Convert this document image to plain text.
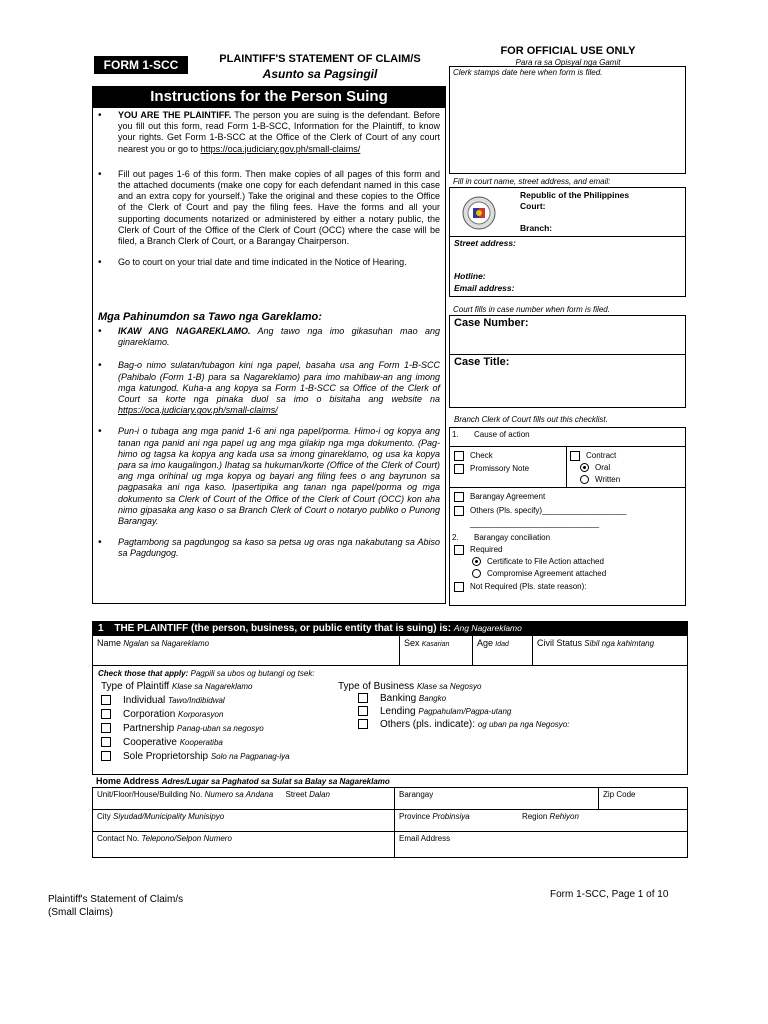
FORM 1-SCC	PLAINTIFF'S STATEMENT OF CLAIM/S
Asunto sa Pagsingil
FOR OFFICIAL USE ONLY
Para ra sa Opisyal nga Gamit
Instructions for the Person Suing
• YOU ARE THE PLAINTIFF. The person you are suing is the defendant. Before you fill out this form, read Form 1-B-SCC, Information for the Plaintiff, to know your rights. Get Form 1-B-SCC at the Office of the Clerk of Court of any court nearest you or go to https://oca.judiciary.gov.ph/small-claims/
• Fill out pages 1-6 of this form. Then make copies of all pages of this form and the attached documents (make one copy for each defendant named in this case and an extra copy for yourself.) Take the original and these copies to the Office of the Clerk of Court and pay the filing fees. Have the forms and all your supporting documents notarized or administered by either a notary public, the Clerk of Court of the Office of the Clerk of Court (OCC) where the case will be filed, a Branch Clerk of Court, or a Barangay Chairperson.
• Go to court on your trial date and time indicated in the Notice of Hearing.
Mga Pahinumdon sa Tawo nga Gareklamo:
• IKAW ANG NAGAREKLAMO. Ang tawo nga imo gikasuhan mao ang ginareklamo.
• Bag-o nimo sulatan/tubagon kini nga papel, basaha usa ang Form 1-B-SCC (Pahibalo (Form 1-B) para sa Nagareklamo) para imo mahibaw-an ang imong mga katungod. Kuha-a ang kopya sa Form 1-B-SCC sa Office of the Clerk of Court sa korte nga pinaka duol sa imo o bisitaha ang website na https://oca.judiciary.gov.ph/small-claims/
• Pun-i o tubaga ang mga panid 1-6 ani nga papel/porma. Himo-i og kopya ang tanan nga panid ani nga papel ug ang mga gilakip nga mga dokumento. (Pag-himo og tagsa ka kopya ang kada usa sa imong ginareklamo, og usa ka kopya para sa imo kaugalingon.) Ihatag sa hukuman/korte (Office of the Clerk of Court) ang mga orihinal ug mga kopya og bayari ang filing fees o ang bayrunon sa pagpasaka ani nga kaso. Ipasertipika ang tanan nga papel/porma og mga dokumento sa Clerk of Court of the Office of the Clerk of Court (OCC) kon aha nimo gipasaka ang kaso o sa Branch Clerk of Court o notaryo publiko o Punong Barangay.
• Pagtambong sa pagdungog sa kaso sa petsa ug oras nga nakabutang sa Abiso sa Pagdungog.
Clerk stamps date here when form is filed.
Fill in court name, street address, and email:
Republic of the Philippines
Court:
Branch:
Street address:
Hotline:
Email address:
Court fills in case number when form is filed.
Case Number:
Case Title:
Branch Clerk of Court fills out this checklist.
1. Cause of action
Check
Promissory Note
Contract
Oral
Written
Barangay Agreement
Others (Pls. specify)___________________
_____________________________
2. Barangay conciliation
Required
Certificate to File Action attached
Compromise Agreement attached
Not Required (Pls. state reason):
1 THE PLAINTIFF (the person, business, or public entity that is suing) is: Ang Nagareklamo
Name Ngalan sa Nagareklamo	Sex Kasarian	Age Idad	Civil Status Sibil nga kahimtang
Check those that apply: Pagpili sa ubos og butangi og tsek:
Type of Plaintiff Klase sa Nagareklamo
Individual Tawo/Indibidwal
Corporation Korporasyon
Partnership Panag-uban sa negosyo
Cooperative Kooperatiba
Sole Proprietorship Solo na Pagpanag-iya
Type of Business Klase sa Negosyo
Banking Bangko
Lending Pagpahulam/Pagpa-utang
Others (pls. indicate): og uban pa nga Negosyo:
Home Address Adres/Lugar sa Paghatod sa Sulat sa Balay sa Nagareklamo
Unit/Floor/House/Building No. Numero sa Andana Street Dalan	Barangay	Zip Code
City Siyudad/Municipality Munisipyo	Province Probinsiya	Region Rehiyon
Contact No. Telepono/Selpon Numero	Email Address
Plaintiff's Statement of Claim/s
(Small Claims)
Form 1-SCC, Page 1 of 10
